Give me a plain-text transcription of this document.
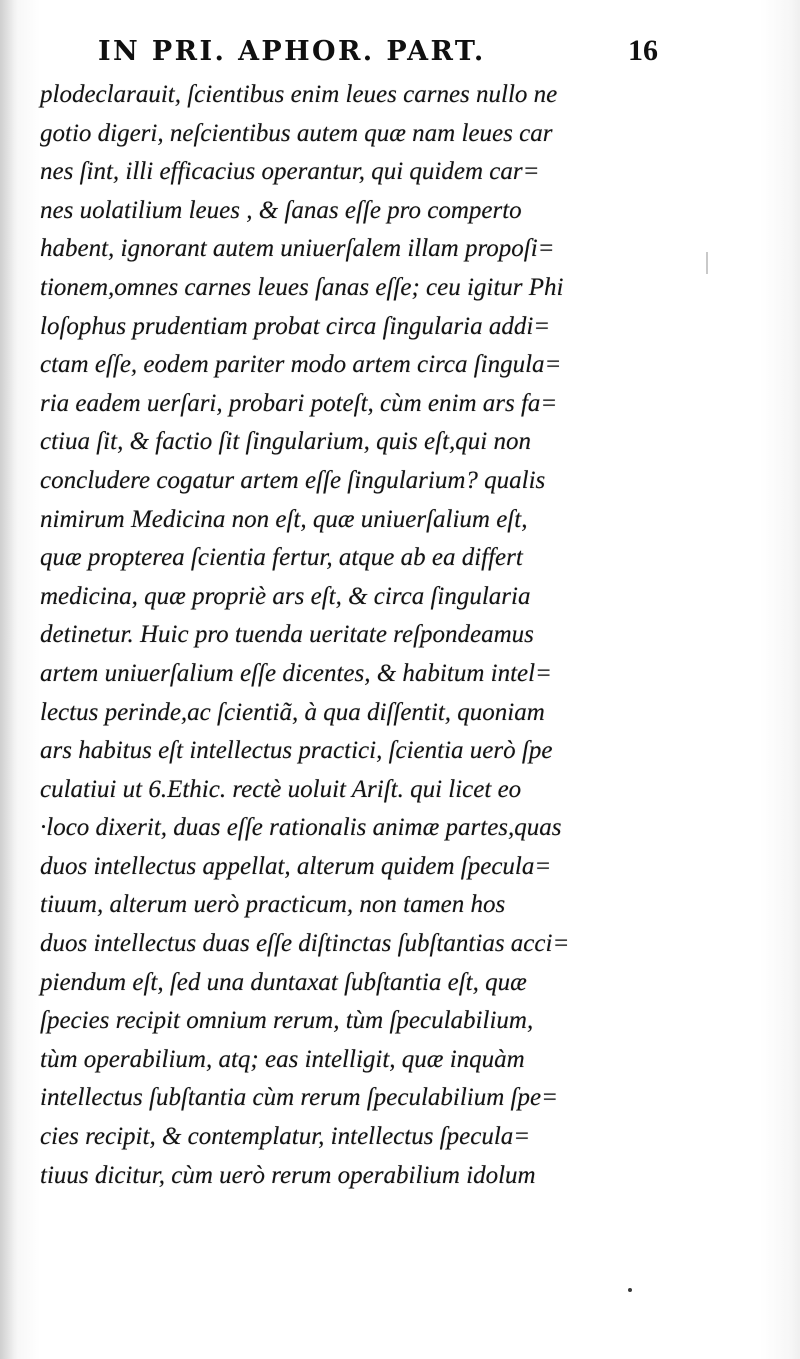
IN PRI. APHOR. PART.	16
plodeclarauit, ſcientibus enim leues carnes nullo ne
gotio digeri, neſcientibus autem quæ nam leues car
nes ſint, illi efficacius operantur, qui quidem car=
nes uolatilium leues , & ſanas eſſe pro comperto
habent, ignorant autem uniuerſalem illam propoſi=
tionem,omnes carnes leues ſanas eſſe; ceu igitur Phi
loſophus prudentiam probat circa ſingularia addi=
ctam eſſe, eodem pariter modo artem circa ſingula=
ria eadem uerſari, probari poteſt, cùm enim ars fa=
ctiua ſit, & factio ſit ſingularium, quis eſt,qui non
concludere cogatur artem eſſe ſingularium? qualis
nimirum Medicina non eſt, quæ uniuerſalium eſt,
quæ propterea ſcientia fertur, atque ab ea differt
medicina, quæ propriè ars eſt, & circa ſingularia
detinetur. Huic pro tuenda ueritate reſpondeamus
artem uniuerſalium eſſe dicentes, & habitum intel=
lectus perinde,ac ſcientiã, à qua diſſentit, quoniam
ars habitus eſt intellectus practici, ſcientia uerò ſpe
culatiui ut 6.Ethic. rectè uoluit Ariſt. qui licet eo
·loco dixerit, duas eſſe rationalis animæ partes,quas
duos intellectus appellat, alterum quidem ſpecula=
tiuum, alterum uerò practicum, non tamen hos
duos intellectus duas eſſe diſtinctas ſubſtantias acci=
piendum eſt, ſed una duntaxat ſubſtantia eſt, quæ
ſpecies recipit omnium rerum, tùm ſpeculabilium,
tùm operabilium, atq; eas intelligit, quæ inquàm
intellectus ſubſtantia cùm rerum ſpeculabilium ſpe=
cies recipit, & contemplatur, intellectus ſpecula=
tiuus dicitur, cùm uerò rerum operabilium idolum
